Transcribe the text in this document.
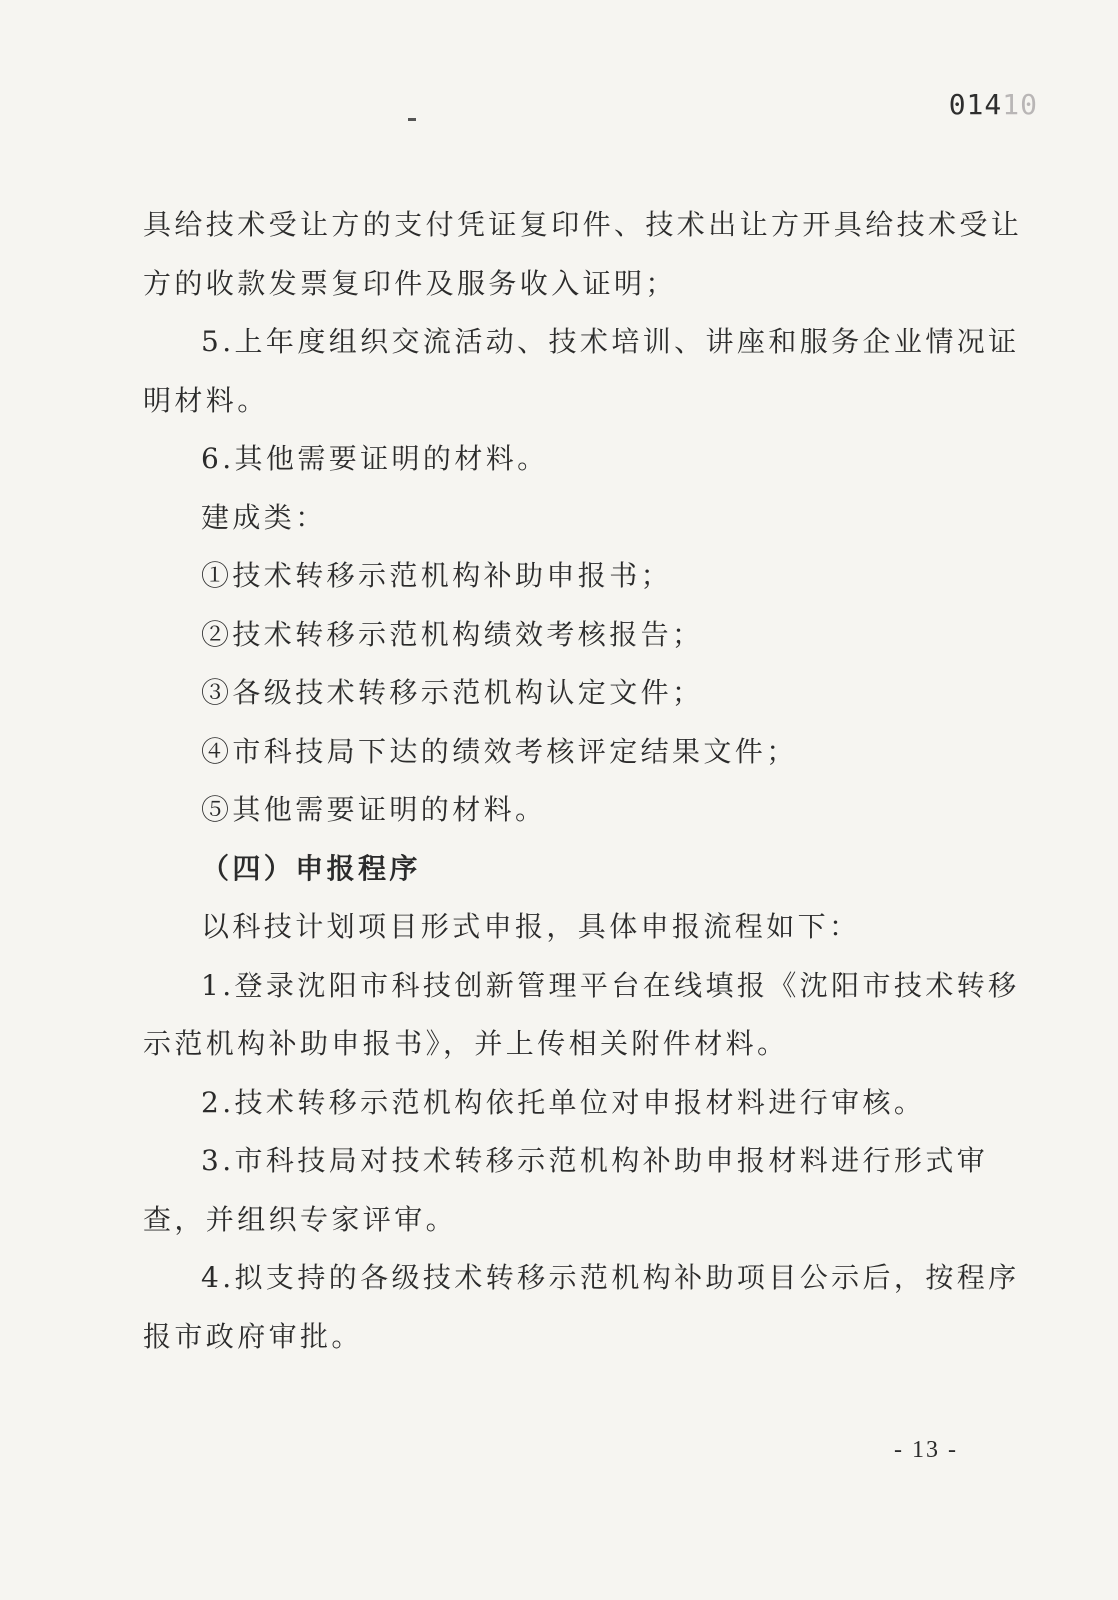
01410
具给技术受让方的支付凭证复印件、技术出让方开具给技术受让
方的收款发票复印件及服务收入证明；
5.上年度组织交流活动、技术培训、讲座和服务企业情况证
明材料。
6.其他需要证明的材料。
建成类：
①技术转移示范机构补助申报书；
②技术转移示范机构绩效考核报告；
③各级技术转移示范机构认定文件；
④市科技局下达的绩效考核评定结果文件；
⑤其他需要证明的材料。
（四）申报程序
以科技计划项目形式申报，具体申报流程如下：
1.登录沈阳市科技创新管理平台在线填报《沈阳市技术转移
示范机构补助申报书》，并上传相关附件材料。
2.技术转移示范机构依托单位对申报材料进行审核。
3.市科技局对技术转移示范机构补助申报材料进行形式审
查，并组织专家评审。
4.拟支持的各级技术转移示范机构补助项目公示后，按程序
报市政府审批。
- 13 -
